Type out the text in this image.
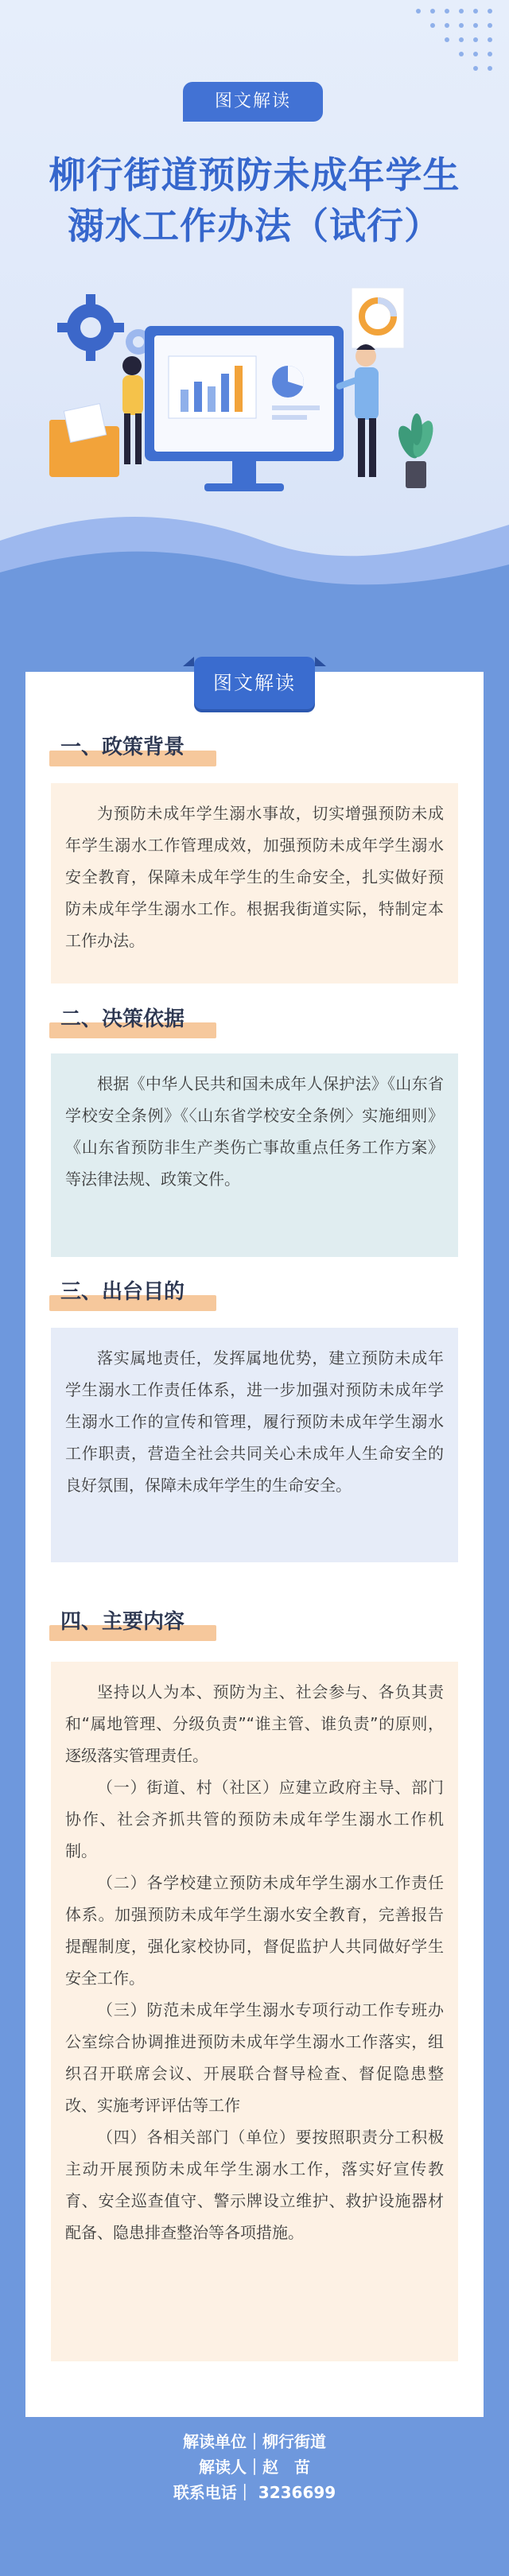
图文解读
柳行街道预防未成年学生
溺水工作办法（试行）
图文解读
一、政策背景

为预防未成年学生溺水事故，切实增强预防未成年学生溺水工作管理成效，加强预防未成年学生溺水安全教育，保障未成年学生的生命安全，扎实做好预防未成年学生溺水工作。根据我街道实际，特制定本工作办法。

二、决策依据

根据《中华人民共和国未成年人保护法》《山东省学校安全条例》《〈山东省学校安全条例〉实施细则》《山东省预防非生产类伤亡事故重点任务工作方案》等法律法规、政策文件。

三、出台目的

落实属地责任，发挥属地优势，建立预防未成年学生溺水工作责任体系，进一步加强对预防未成年学生溺水工作的宣传和管理，履行预防未成年学生溺水工作职责，营造全社会共同关心未成年人生命安全的良好氛围，保障未成年学生的生命安全。

四、主要内容

坚持以人为本、预防为主、社会参与、各负其责和“属地管理、分级负责”“谁主管、谁负责”的原则，逐级落实管理责任。

（一）街道、村（社区）应建立政府主导、部门协作、社会齐抓共管的预防未成年学生溺水工作机制。

（二）各学校建立预防未成年学生溺水工作责任体系。加强预防未成年学生溺水安全教育，完善报告提醒制度，强化家校协同，督促监护人共同做好学生安全工作。

（三）防范未成年学生溺水专项行动工作专班办公室综合协调推进预防未成年学生溺水工作落实，组织召开联席会议、开展联合督导检查、督促隐患整改、实施考评评估等工作

（四）各相关部门（单位）要按照职责分工积极主动开展预防未成年学生溺水工作，落实好宣传教育、安全巡查值守、警示牌设立维护、救护设施器材配备、隐患排查整治等各项措施。

解读单位｜柳行街道
解读人｜赵　苗
联系电话｜ 3236699
